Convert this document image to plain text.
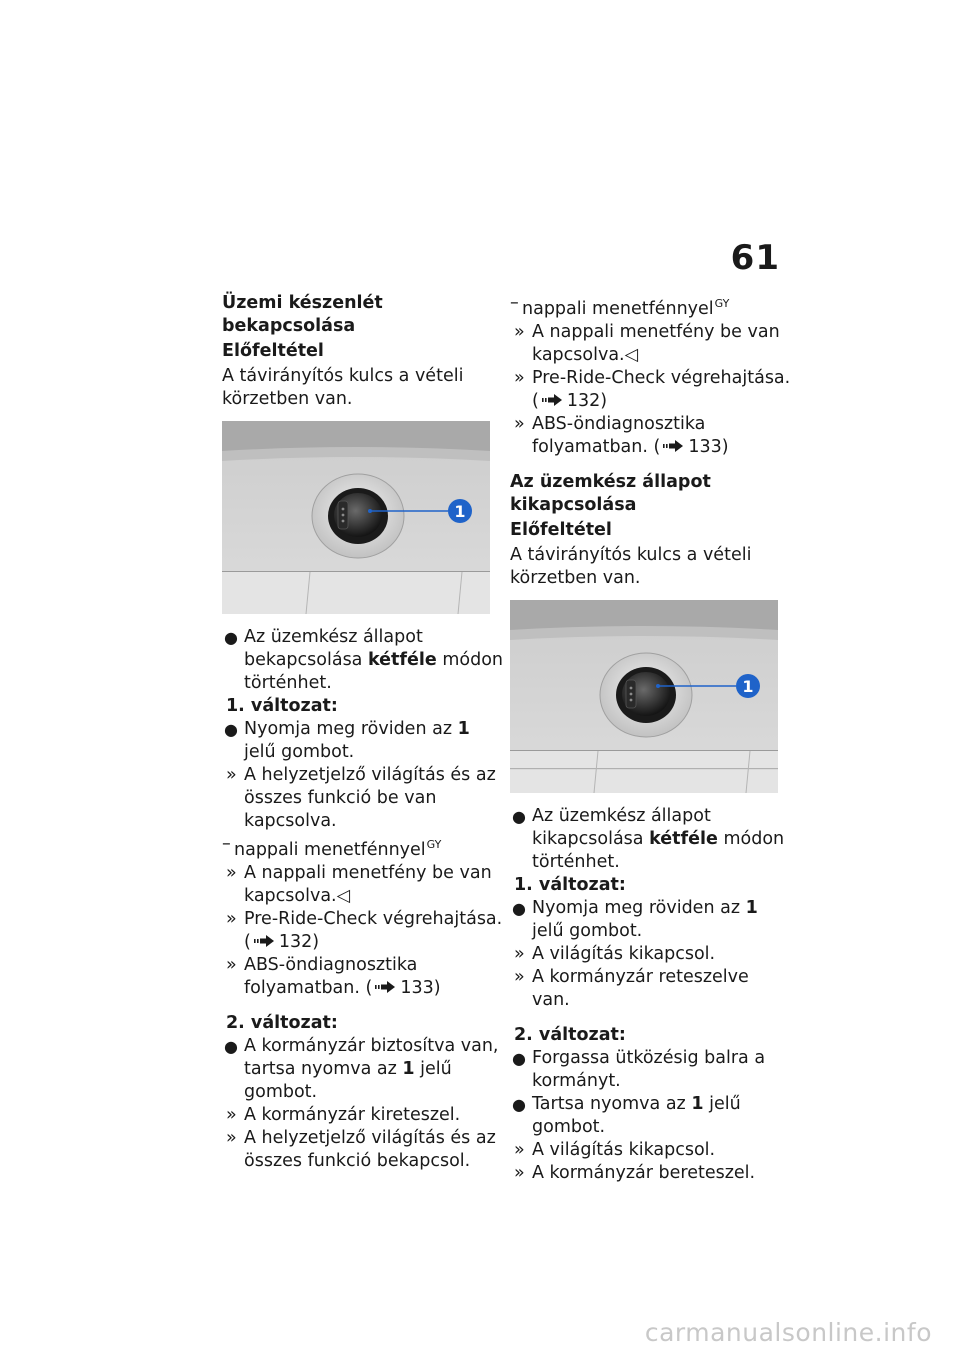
61
Üzemi készenlét bekapcsolása
Előfeltétel
A távirányítós kulcs a vételi körzetben van.
1
● Az üzemkész állapot bekapcsolása kétféle módon történhet.
1. változat:
● Nyomja meg röviden az 1 jelű gombot.
» A helyzetjelző világítás és az összes funkció be van kapcsolva.
– nappali menetfénnyel$^{GY}$
» A nappali menetfény be van kapcsolva.◁
» Pre-Ride-Check végrehajtása.
( 132)
» ABS-öndiagnosztika folyamatban. ( 133)
2. változat:
● A kormányzár biztosítva van, tartsa nyomva az 1 jelű gombot.
» A kormányzár kireteszel.
» A helyzetjelző világítás és az összes funkció bekapcsol.
– nappali menetfénnyel$^{GY}$
» A nappali menetfény be van kapcsolva.◁
» Pre-Ride-Check végrehajtása.
( 132)
» ABS-öndiagnosztika folyamatban. ( 133)
Az üzemkész állapot kikapcsolása
Előfeltétel
A távirányítós kulcs a vételi körzetben van.
1
● Az üzemkész állapot kikapcsolása kétféle módon történhet.
1. változat:
● Nyomja meg röviden az 1 jelű gombot.
» A világítás kikapcsol.
» A kormányzár reteszelve van.
2. változat:
● Forgassa ütközésig balra a kormányt.
● Tartsa nyomva az 1 jelű gombot.
» A világítás kikapcsol.
» A kormányzár bereteszel.
carmanualsonline.info
